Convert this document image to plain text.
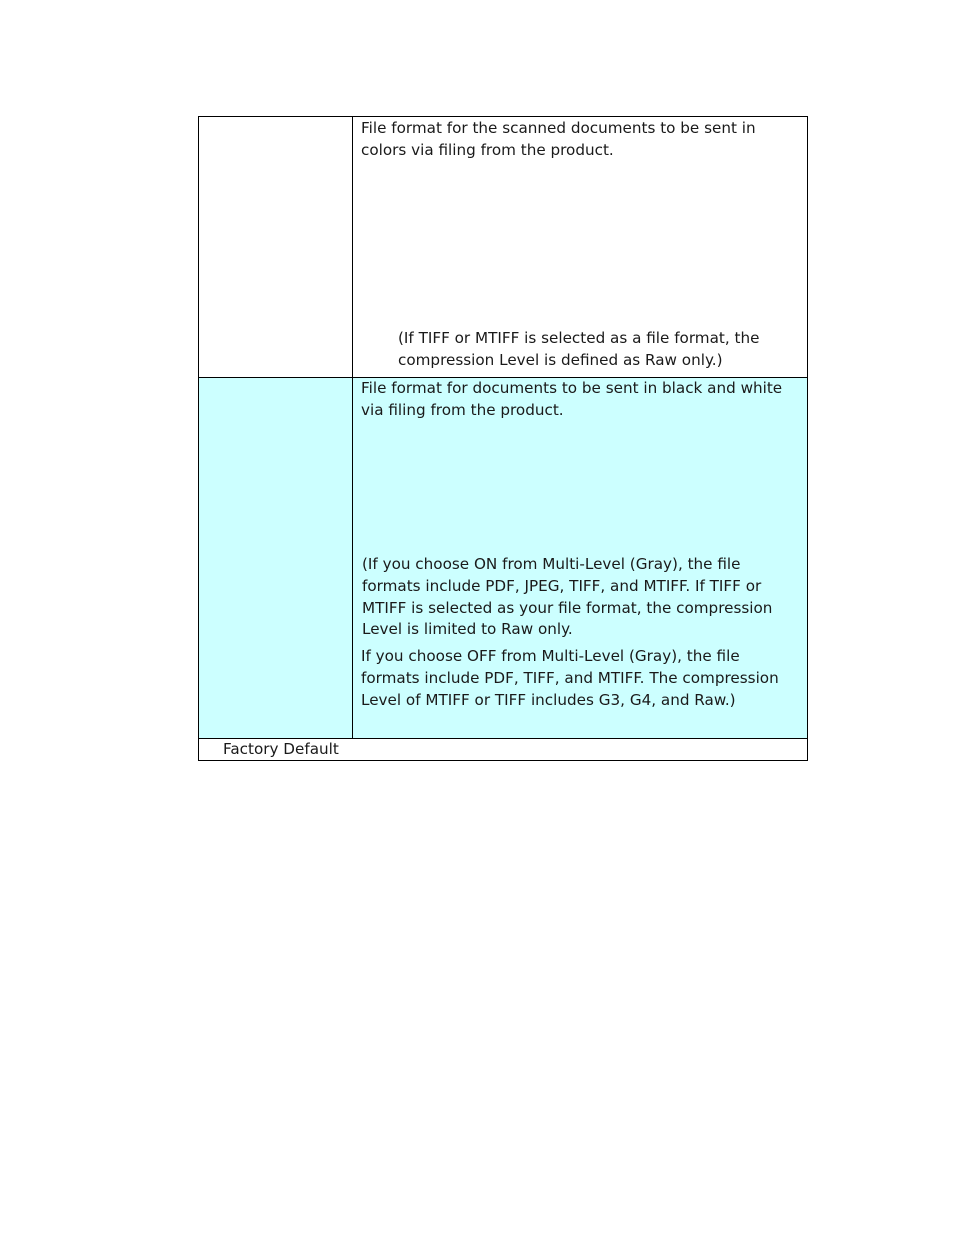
	File format for the scanned documents to be sent in colors via filing from the product.

(If TIFF or MTIFF is selected as a file format, the compression Level is defined as Raw only.)

	File format for documents to be sent in black and white via filing from the product.

(If you choose ON from Multi-Level (Gray), the file formats include PDF, JPEG, TIFF, and MTIFF. If TIFF or MTIFF is selected as your file format, the compression Level is limited to Raw only.

If you choose OFF from Multi-Level (Gray), the file formats include PDF, TIFF, and MTIFF. The compression Level of MTIFF or TIFF includes G3, G4, and Raw.)

Factory Default	
